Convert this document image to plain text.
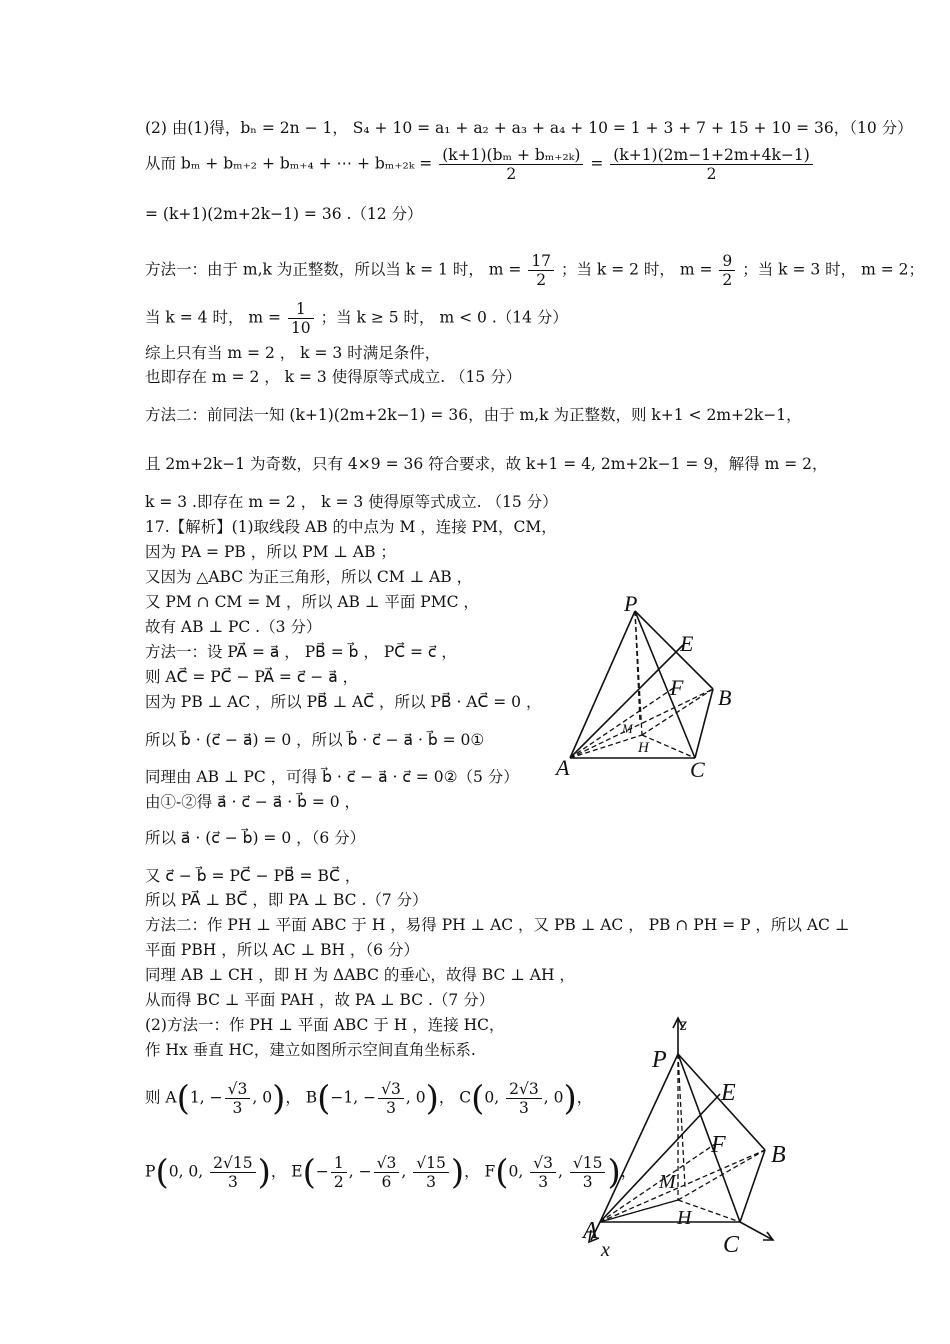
(2) 由(1)得，bₙ = 2n − 1， S₄ + 10 = a₁ + a₂ + a₃ + a₄ + 10 = 1 + 3 + 7 + 15 + 10 = 36，（10 分）
从而 bₘ + bₘ₊₂ + bₘ₊₄ + ⋯ + $b_{m+2k} = \frac{\text{(k+1)(bₘ + bₘ₊₂ₖ)}}{2} = \frac{(k+1)(2m-1+2m+4k-1)}{2}$
= (k+1)(2m+2k−1) = 36 .（12 分）
方法一：由于 m,k 为正整数，所以当 k = 1 时， $m = \frac{17}{2}$ ；当 k = 2 时， $m = \frac{9}{2}$ ；当 k = 3 时， m = 2；
当 k = 4 时， $m = \frac{1}{10}$ ；当 k ≥ 5 时， m < 0 .（14 分）
综上只有当 m = 2 ， k = 3 时满足条件，
也即存在 m = 2 ， k = 3 使得原等式成立. （15 分）
方法二：前同法一知 (k+1)(2m+2k−1) = 36，由于 m,k 为正整数，则 k+1 < 2m+2k−1，
且 2m+2k−1 为奇数，只有 4×9 = 36 符合要求，故 k+1 = 4, 2m+2k−1 = 9，解得 m = 2，
k = 3 .即存在 m = 2 ， k = 3 使得原等式成立. （15 分）
17.【解析】(1)取线段 AB 的中点为 M ，连接 PM，CM，
因为 PA = PB ，所以 PM ⊥ AB ；
又因为 △ABC 为正三角形，所以 CM ⊥ AB ，
又 PM ∩ CM = M ，所以 AB ⊥ 平面 PMC ，
故有 AB ⊥ PC .（3 分）
方法一：设 PA⃗ = a⃗ ， PB⃗ = b⃗ ， PC⃗ = c⃗ ，
则 AC⃗ = PC⃗ − PA⃗ = c⃗ − a⃗ ，
因为 PB ⊥ AC ，所以 PB⃗ ⊥ AC⃗ ，所以 PB⃗ · AC⃗ = 0 ，
所以 b⃗ · (c⃗ − a⃗) = 0 ，所以 b⃗ · c⃗ − a⃗ · b⃗ = 0①
同理由 AB ⊥ PC ，可得 b⃗ · c⃗ − a⃗ · c⃗ = 0②（5 分）
由①-②得 a⃗ · c⃗ − a⃗ · b⃗ = 0 ，
所以 a⃗ · (c⃗ − b⃗) = 0 ，（6 分）
又 c⃗ − b⃗ = PC⃗ − PB⃗ = BC⃗ ，
所以 PA⃗ ⊥ BC⃗ ，即 PA ⊥ BC .（7 分）
方法二：作 PH ⊥ 平面 ABC 于 H ，易得 PH ⊥ AC ，又 PB ⊥ AC ， PB ∩ PH = P ，所以 AC ⊥
平面 PBH ，所以 AC ⊥ BH ，（6 分）
同理 AB ⊥ CH ，即 H 为 ΔABC 的垂心，故得 BC ⊥ AH ，
从而得 BC ⊥ 平面 PAH ，故 PA ⊥ BC .（7 分）
(2)方法一：作 PH ⊥ 平面 ABC 于 H ，连接 HC，
作 Hx 垂直 HC，建立如图所示空间直角坐标系.
则 A(1, − $\frac{√3}{3}$ , 0)， B(−1, − $\frac{√3}{3}$ , 0)， C(0, $\frac{2√3}{3}$ , 0)，
P(0, 0, $\frac{2√15}{3}$ )， $E(- \frac{1}{2}$ , − $\frac{√3}{6}$ , $\frac{√15}{3}$ )， F(0, $\frac{√3}{3}$ , $\frac{√15}{3}$ )，
P
E
F B
M
H
A	C
z
P
E
F B
M
H
A
C
x
